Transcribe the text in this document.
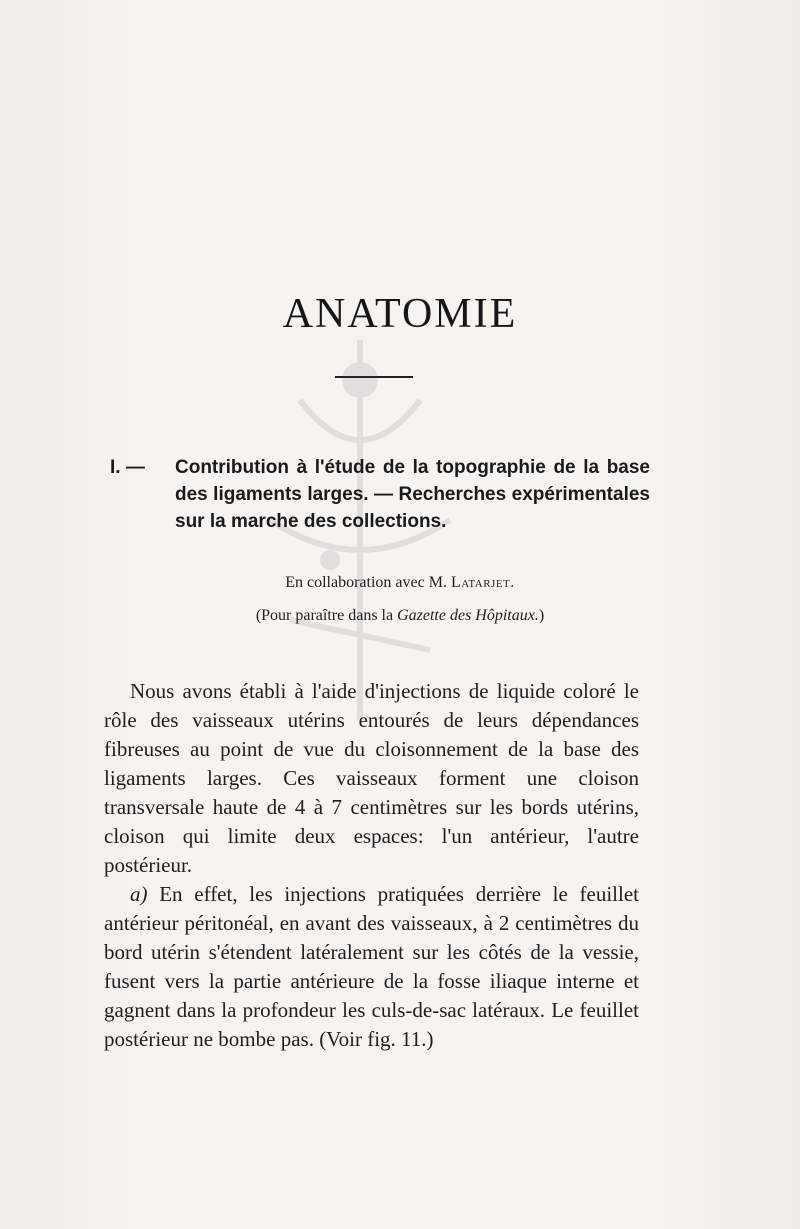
ANATOMIE
I. —	Contribution à l'étude de la topographie de la base des ligaments larges. — Recherches expérimentales sur la marche des collections.
En collaboration avec M. Latarjet.
(Pour paraître dans la Gazette des Hôpitaux.)

Nous avons établi à l'aide d'injections de liquide coloré le rôle des vaisseaux utérins entourés de leurs dépendances fibreuses au point de vue du cloisonnement de la base des ligaments larges. Ces vaisseaux forment une cloison transversale haute de 4 à 7 centimètres sur les bords utérins, cloison qui limite deux espaces: l'un antérieur, l'autre postérieur.

a) En effet, les injections pratiquées derrière le feuillet antérieur péritonéal, en avant des vaisseaux, à 2 centimètres du bord utérin s'étendent latéralement sur les côtés de la vessie, fusent vers la partie antérieure de la fosse iliaque interne et gagnent dans la profondeur les culs-de-sac latéraux. Le feuillet postérieur ne bombe pas. (Voir fig. 11.)
